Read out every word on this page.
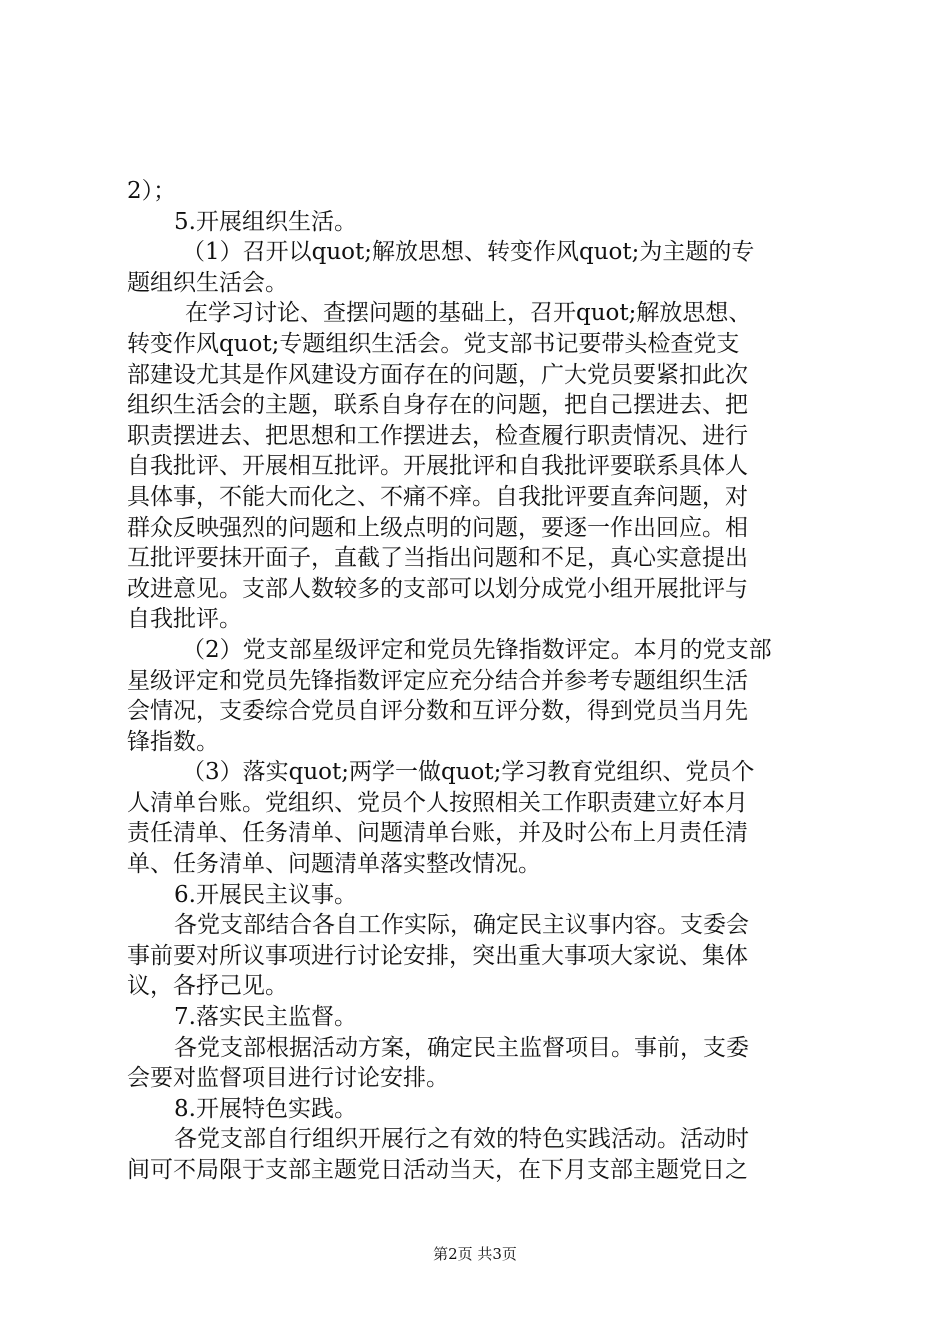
2）；
5.开展组织生活。
（1）召开以quot;解放思想、转变作风quot;为主题的专
题组织生活会。
在学习讨论、查摆问题的基础上，召开quot;解放思想、
转变作风quot;专题组织生活会。党支部书记要带头检查党支
部建设尤其是作风建设方面存在的问题，广大党员要紧扣此次
组织生活会的主题，联系自身存在的问题，把自己摆进去、把
职责摆进去、把思想和工作摆进去，检查履行职责情况、进行
自我批评、开展相互批评。开展批评和自我批评要联系具体人
具体事，不能大而化之、不痛不痒。自我批评要直奔问题，对
群众反映强烈的问题和上级点明的问题，要逐一作出回应。相
互批评要抹开面子，直截了当指出问题和不足，真心实意提出
改进意见。支部人数较多的支部可以划分成党小组开展批评与
自我批评。
（2）党支部星级评定和党员先锋指数评定。本月的党支部
星级评定和党员先锋指数评定应充分结合并参考专题组织生活
会情况，支委综合党员自评分数和互评分数，得到党员当月先
锋指数。
（3）落实quot;两学一做quot;学习教育党组织、党员个
人清单台账。党组织、党员个人按照相关工作职责建立好本月
责任清单、任务清单、问题清单台账，并及时公布上月责任清
单、任务清单、问题清单落实整改情况。
6.开展民主议事。
各党支部结合各自工作实际，确定民主议事内容。支委会
事前要对所议事项进行讨论安排，突出重大事项大家说、集体
议，各抒己见。
7.落实民主监督。
各党支部根据活动方案，确定民主监督项目。事前，支委
会要对监督项目进行讨论安排。
8.开展特色实践。
各党支部自行组织开展行之有效的特色实践活动。活动时
间可不局限于支部主题党日活动当天，在下月支部主题党日之
第2页 共3页
